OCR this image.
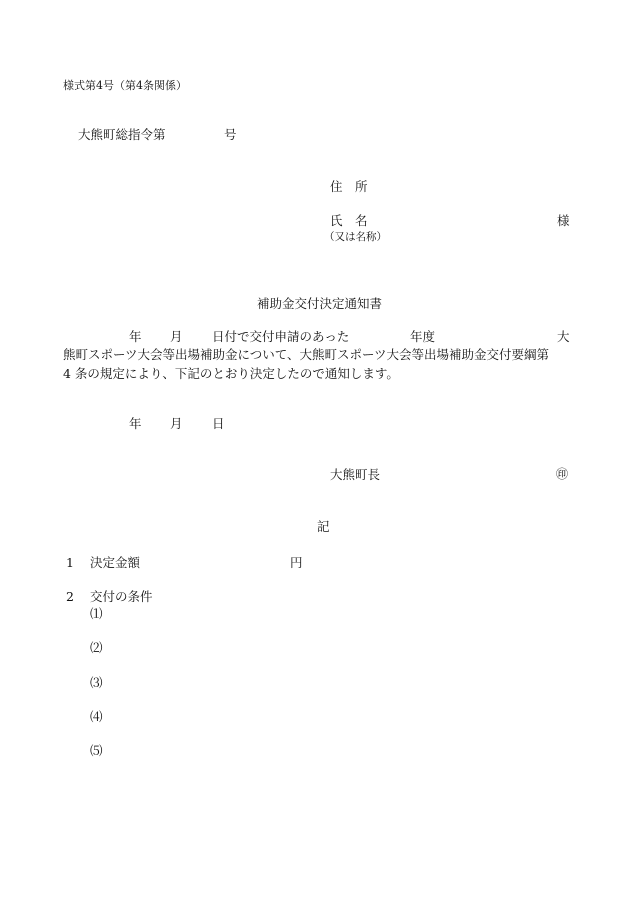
様式第4号（第4条関係）
大熊町総指令第	号
住　所
氏　名	様
（又は名称）
補助金交付決定通知書
年 月 日付で交付申請のあった	年度	大
熊町スポーツ大会等出場補助金について、大熊町スポーツ大会等出場補助金交付要綱第
4 条の規定により、下記のとおり決定したので通知します。
年 月 日
大熊町長	㊞
記
1 決定金額	円
2 交付の条件
⑴
⑵
⑶
⑷
⑸
